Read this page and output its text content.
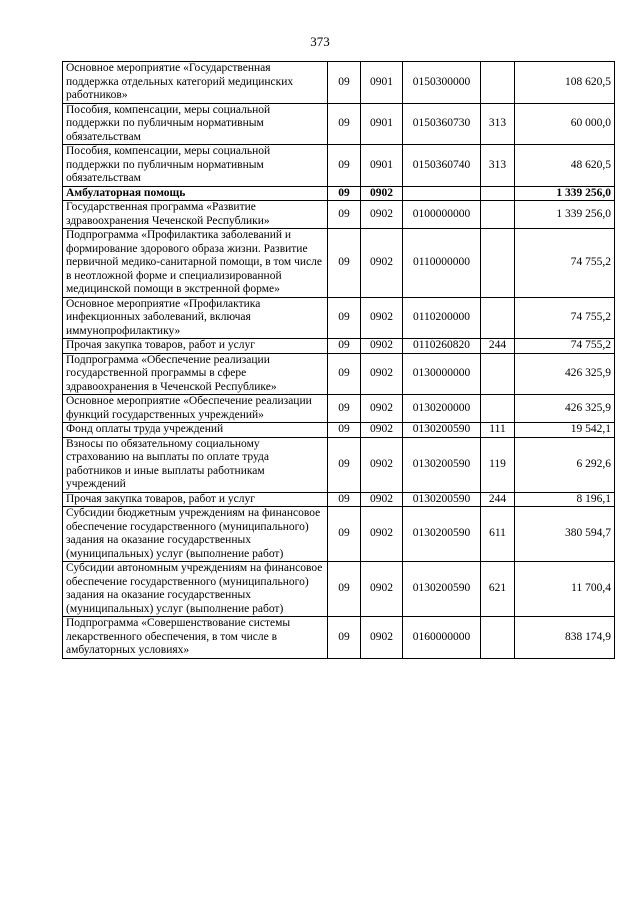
373
Основное мероприятие «Государственная поддержка отдельных категорий медицинских работников»	09	0901	0150300000		108 620,5
Пособия, компенсации, меры социальной поддержки по публичным нормативным обязательствам	09	0901	0150360730	313	60 000,0
Пособия, компенсации, меры социальной поддержки по публичным нормативным обязательствам	09	0901	0150360740	313	48 620,5
Амбулаторная помощь	09	0902			1 339 256,0
Государственная программа «Развитие здравоохранения Чеченской Республики»	09	0902	0100000000		1 339 256,0
Подпрограмма «Профилактика заболеваний и формирование здорового образа жизни. Развитие первичной медико-санитарной помощи, в том числе в неотложной форме и специализированной медицинской помощи в экстренной форме»	09	0902	0110000000		74 755,2
Основное мероприятие «Профилактика инфекционных заболеваний, включая иммунопрофилактику»	09	0902	0110200000		74 755,2
Прочая закупка товаров, работ и услуг	09	0902	0110260820	244	74 755,2
Подпрограмма «Обеспечение реализации государственной программы в сфере здравоохранения в Чеченской Республике»	09	0902	0130000000		426 325,9
Основное мероприятие «Обеспечение реализации функций государственных учреждений»	09	0902	0130200000		426 325,9
Фонд оплаты труда учреждений	09	0902	0130200590	111	19 542,1
Взносы по обязательному социальному страхованию на выплаты по оплате труда работников и иные выплаты работникам учреждений	09	0902	0130200590	119	6 292,6
Прочая закупка товаров, работ и услуг	09	0902	0130200590	244	8 196,1
Субсидии бюджетным учреждениям на финансовое обеспечение государственного (муниципального) задания на оказание государственных (муниципальных) услуг (выполнение работ)	09	0902	0130200590	611	380 594,7
Субсидии автономным учреждениям на финансовое обеспечение государственного (муниципального) задания на оказание государственных (муниципальных) услуг (выполнение работ)	09	0902	0130200590	621	11 700,4
Подпрограмма «Совершенствование системы лекарственного обеспечения, в том числе в амбулаторных условиях»	09	0902	0160000000		838 174,9
